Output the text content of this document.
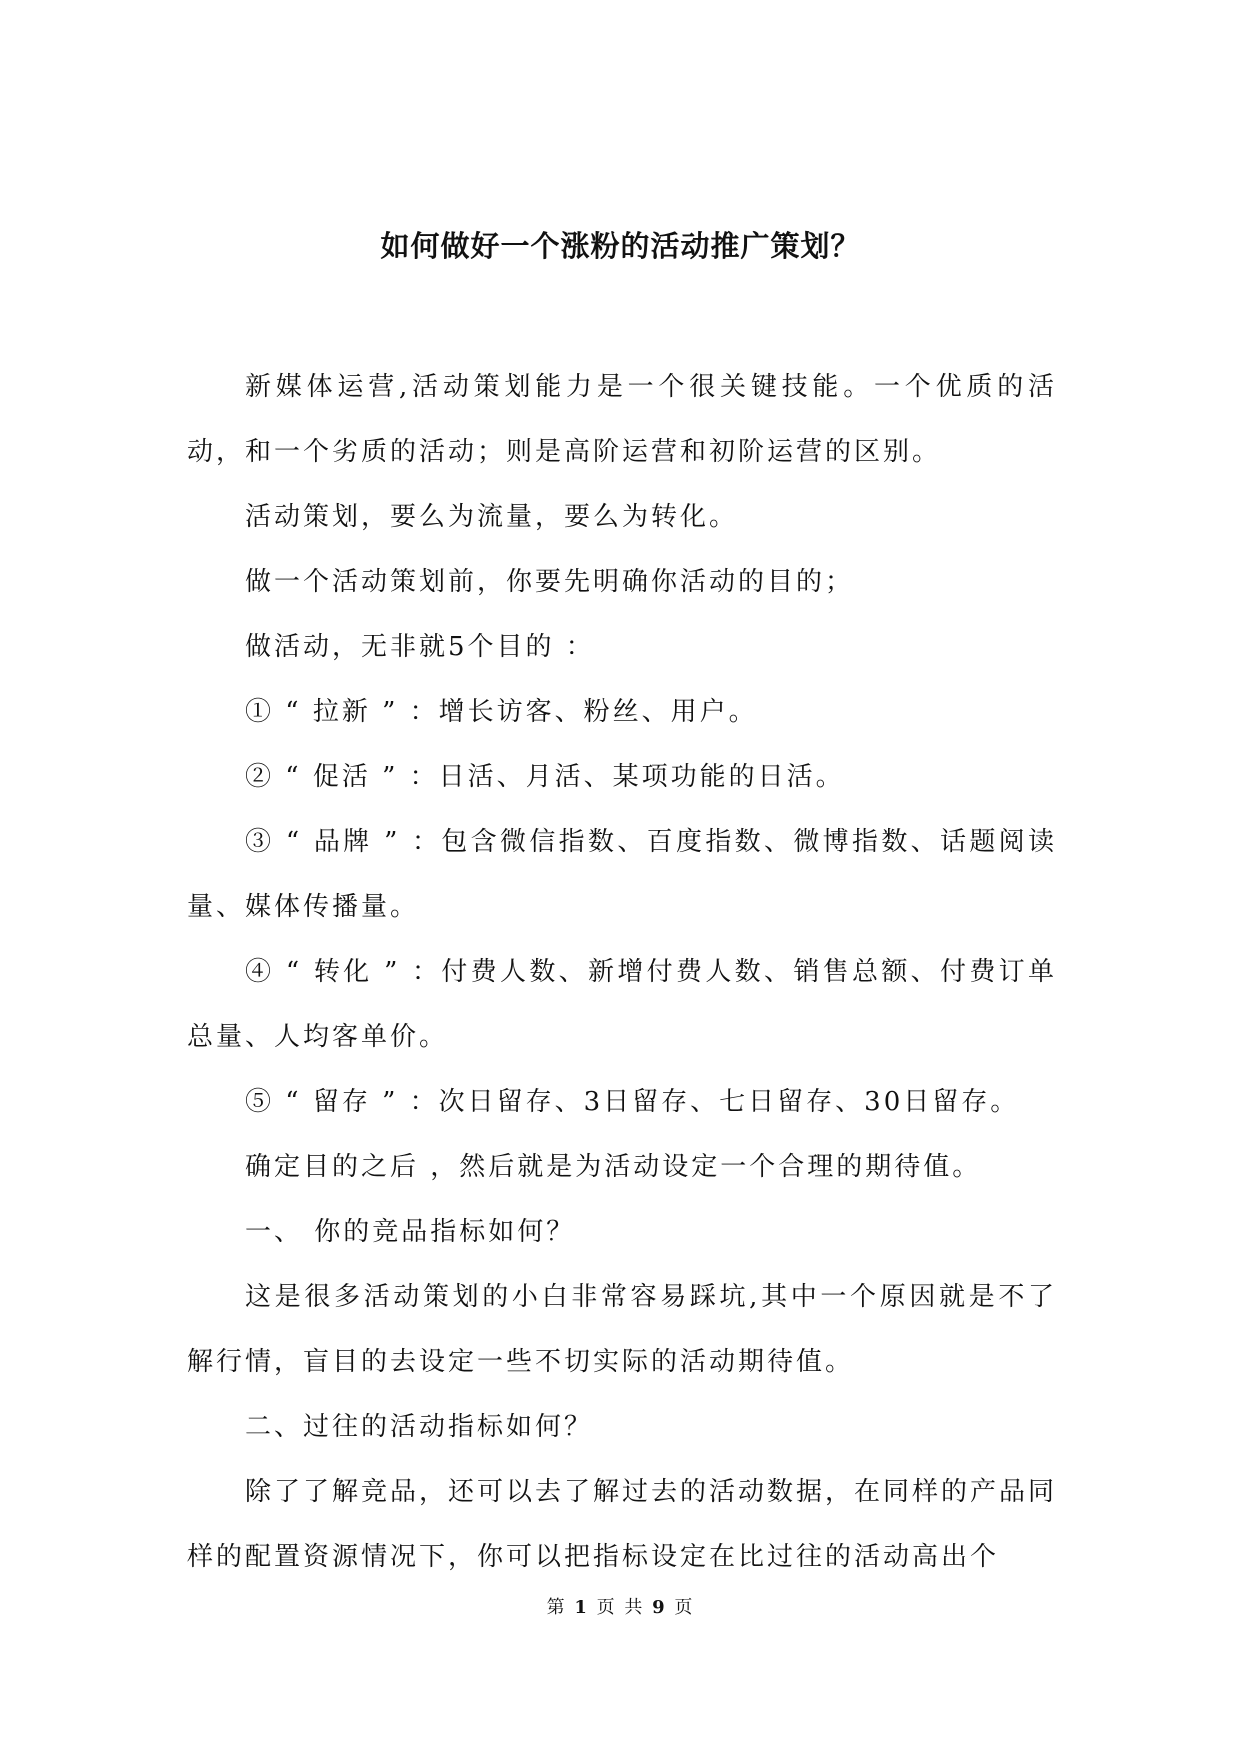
如何做好一个涨粉的活动推广策划？

新媒体运营,活动策划能力是一个很关键技能。一个优质的活动，和一个劣质的活动；则是高阶运营和初阶运营的区别。

活动策划，要么为流量，要么为转化。

做一个活动策划前，你要先明确你活动的目的；

做活动，无非就5个目的 ：

① “ 拉新 ” ：增长访客、粉丝、用户。

② “ 促活 ” ：日活、月活、某项功能的日活。

③ “ 品牌 ” ：包含微信指数、百度指数、微博指数、话题阅读量、媒体传播量。

④ “ 转化 ” ：付费人数、新增付费人数、销售总额、付费订单总量、人均客单价。

⑤ “ 留存 ” ：次日留存、3日留存、七日留存、30日留存。

确定目的之后 ，然后就是为活动设定一个合理的期待值。

一、 你的竞品指标如何？

这是很多活动策划的小白非常容易踩坑,其中一个原因就是不了解行情，盲目的去设定一些不切实际的活动期待值。

二、过往的活动指标如何？

除了了解竞品，还可以去了解过去的活动数据，在同样的产品同样的配置资源情况下，你可以把指标设定在比过往的活动高出个

第 1 页 共 9 页
